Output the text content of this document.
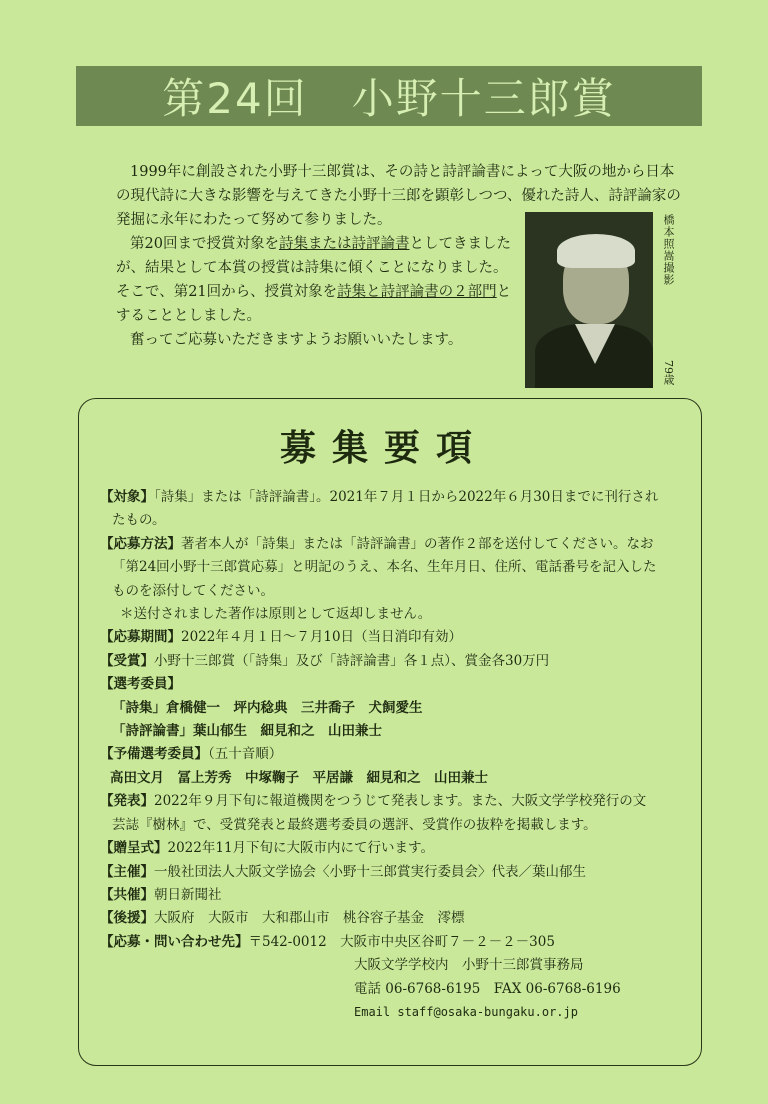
第24回　小野十三郎賞

1999年に創設された小野十三郎賞は、その詩と詩評論書によって大阪の地から日本の現代詩に大きな影響を与えてきた小野十三郎を顕彰しつつ、優れた詩人、詩評論家の発掘に永年にわたって努めて参りました。

第20回まで授賞対象を詩集または詩評論書としてきましたが、結果として本賞の授賞は詩集に傾くことになりました。そこで、第21回から、授賞対象を詩集と詩評論書の２部門とすることとしました。

奮ってご応募いただきますようお願いいたします。

橋本照嵩撮影
79歳
募集要項
【対象】「詩集」または「詩評論書」。2021年７月１日から2022年６月30日までに刊行され
たもの。
【応募方法】著者本人が「詩集」または「詩評論書」の著作２部を送付してください。なお
「第24回小野十三郎賞応募」と明記のうえ、本名、生年月日、住所、電話番号を記入した
ものを添付してください。
＊送付されました著作は原則として返却しません。
【応募期間】2022年４月１日～７月10日（当日消印有効）
【受賞】小野十三郎賞（「詩集」及び「詩評論書」各１点）、賞金各30万円
【選考委員】
「詩集」倉橋健一　坪内稔典　三井喬子　犬飼愛生
「詩評論書」葉山郁生　細見和之　山田兼士
【予備選考委員】（五十音順）
高田文月　冨上芳秀　中塚鞠子　平居謙　細見和之　山田兼士
【発表】2022年９月下旬に報道機関をつうじて発表します。また、大阪文学学校発行の文
芸誌『樹林』で、受賞発表と最終選考委員の選評、受賞作の抜粋を掲載します。
【贈呈式】2022年11月下旬に大阪市内にて行います。
【主催】一般社団法人大阪文学協会〈小野十三郎賞実行委員会〉代表／葉山郁生
【共催】朝日新聞社
【後援】大阪府　大阪市　大和郡山市　桃谷容子基金　澪標
【応募・問い合わせ先】〒542-0012　大阪市中央区谷町７－２－２－305
大阪文学学校内　小野十三郎賞事務局
電話 06-6768-6195　FAX 06-6768-6196
Email staff@osaka-bungaku.or.jp
